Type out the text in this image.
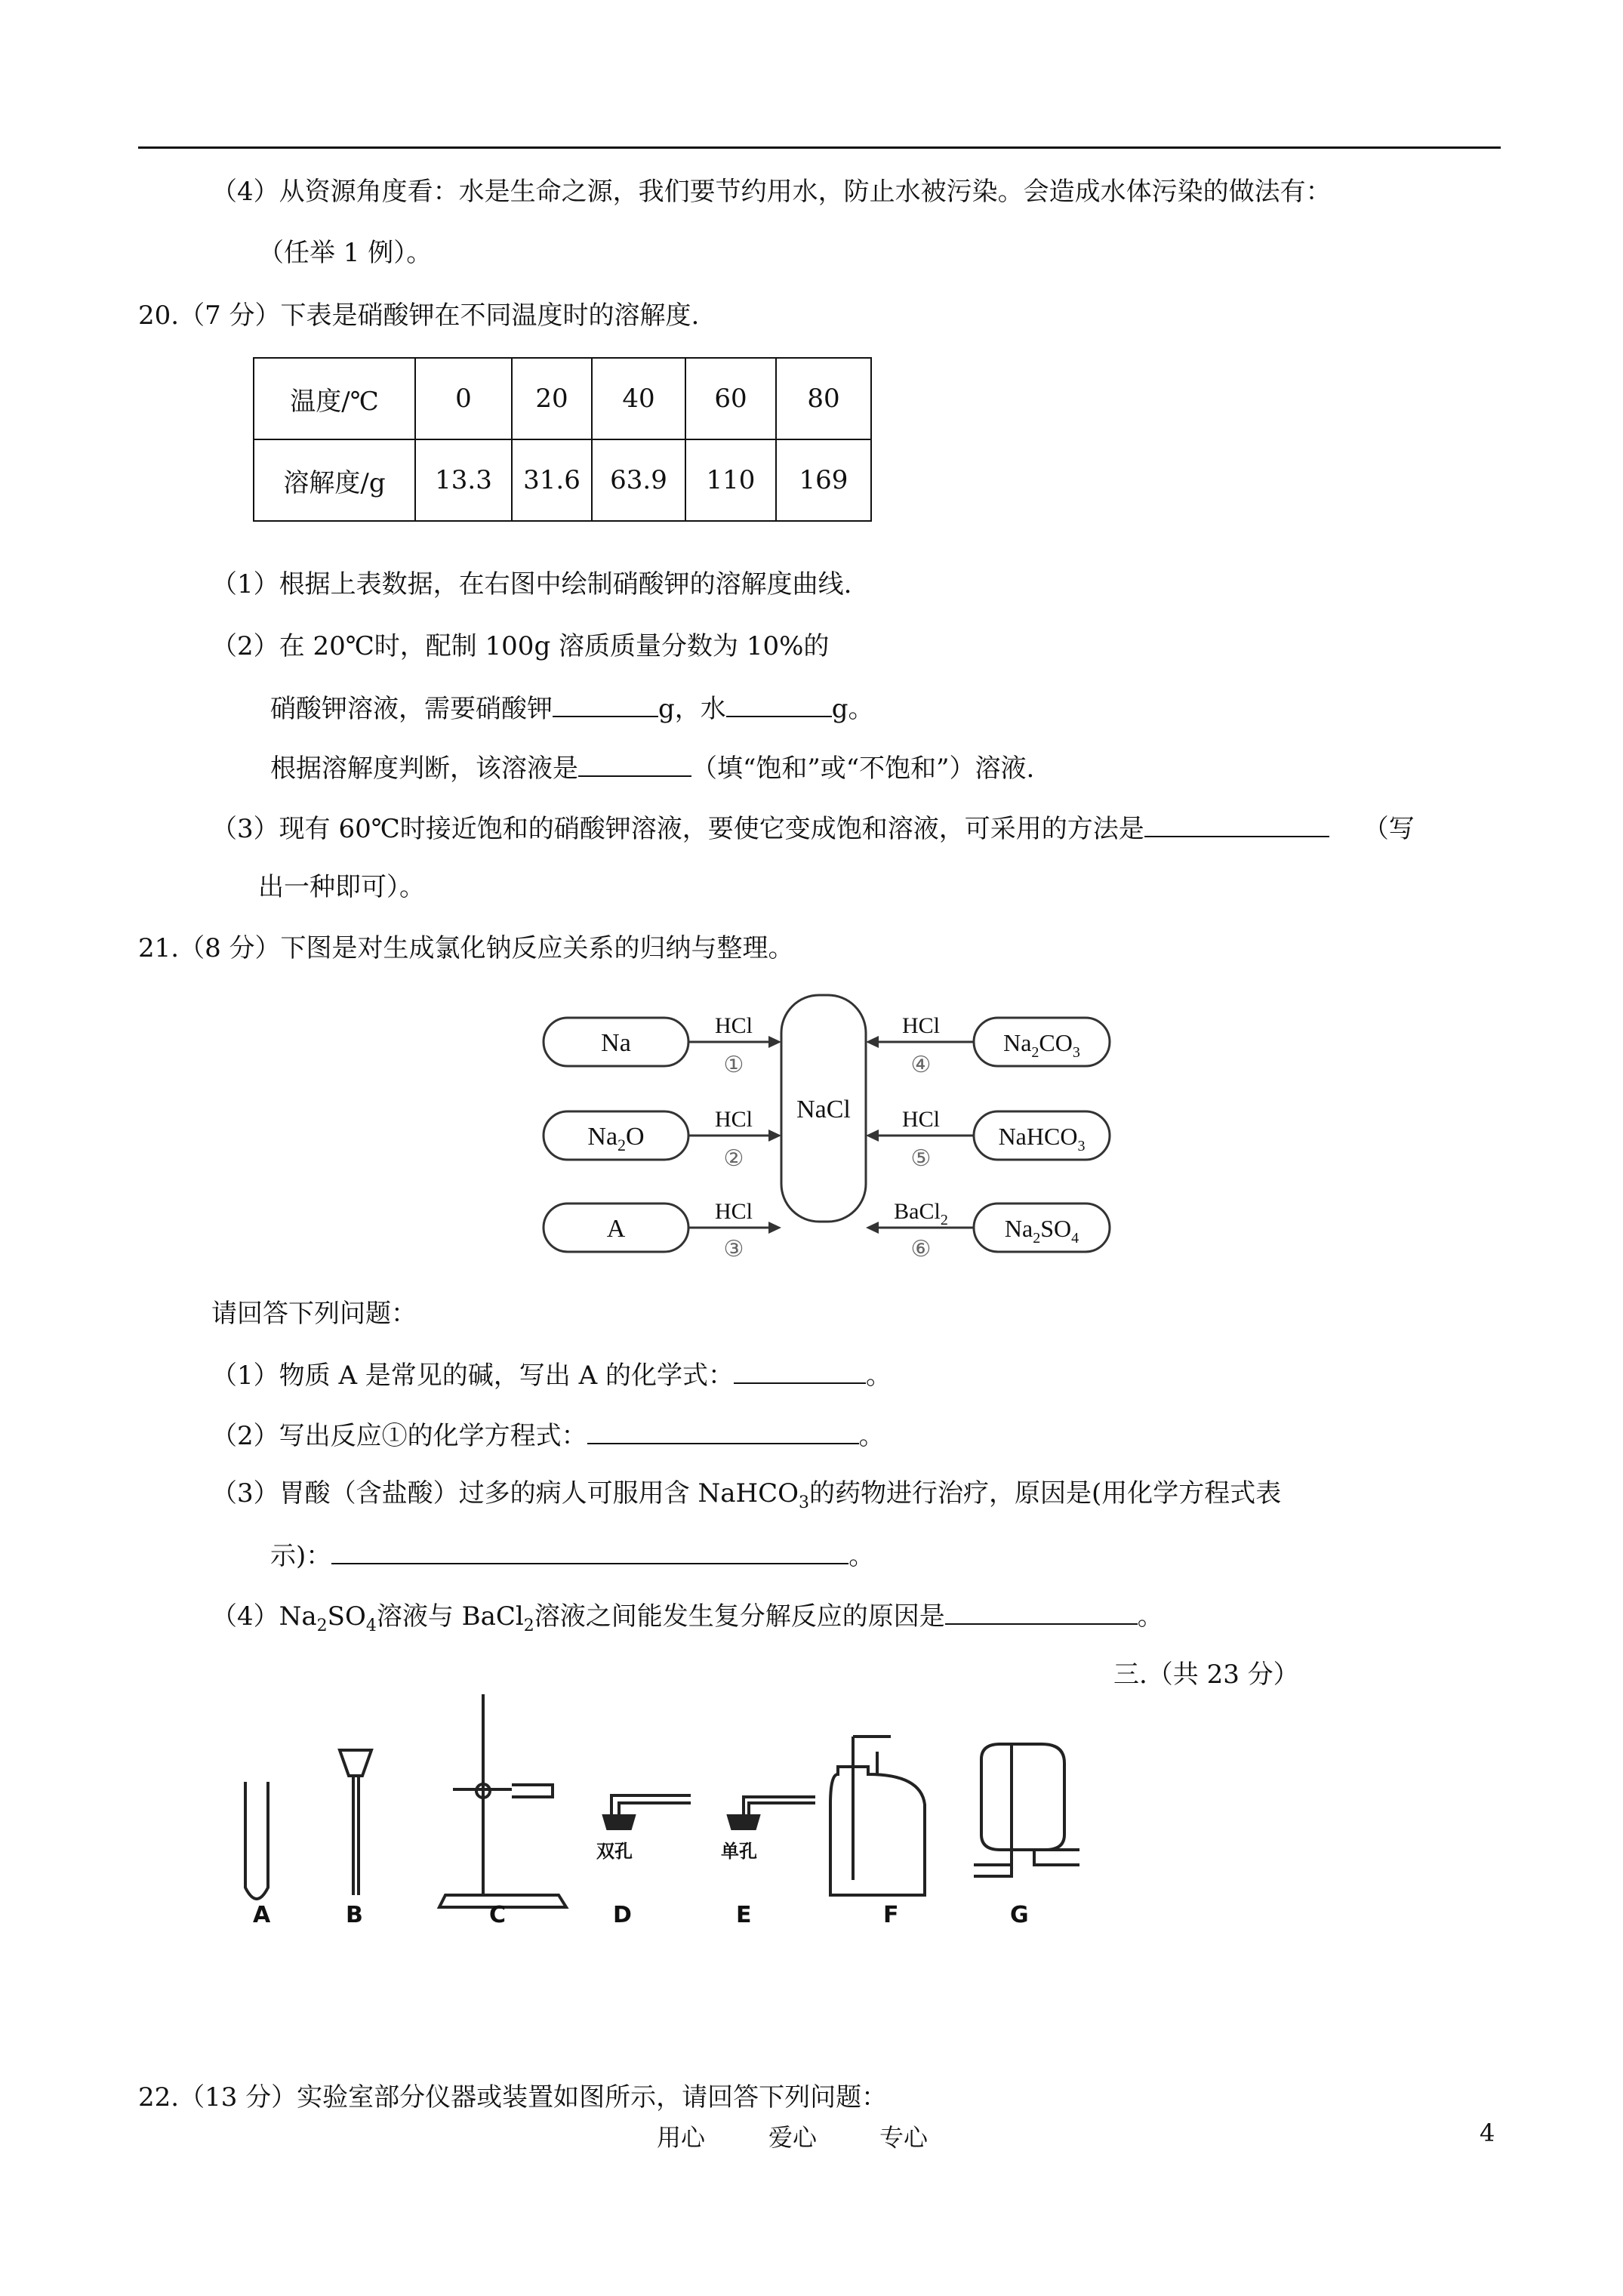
（4）从资源角度看：水是生命之源，我们要节约用水，防止水被污染。会造成水体污染的做法有：
（任举 1 例）。
20.（7 分）下表是硝酸钾在不同温度时的溶解度.
温度/℃	0	20	40	60	80
溶解度/g	13.3	31.6	63.9	110	169
（1）根据上表数据，在右图中绘制硝酸钾的溶解度曲线.
（2）在 20℃时，配制 100g 溶质质量分数为 10%的
硝酸钾溶液，需要硝酸钾	g，水	g。
根据溶解度判断，该溶液是	（填“饱和”或“不饱和”）溶液.
（3）现有 60℃时接近饱和的硝酸钾溶液，要使它变成饱和溶液，可采用的方法是	（写
出一种即可）。
21.（8 分）下图是对生成氯化钠反应关系的归纳与整理。
NaCl
Na
$Na_2O$
A
HCl
①
HCl
②
HCl
③
$Na_2CO_3$
NaHCO$_3$
$Na_2SO_4$
HCl
④
HCl
⑤
BaCl$_2$
⑥
请回答下列问题：
（1）物质 A 是常见的碱，写出 A 的化学式：	。
（2）写出反应①的化学方程式：	。
（3）胃酸（含盐酸）过多的病人可服用含 NaHCO$_3$的药物进行治疗，原因是(用化学方程式表
示)：	。
$(4)Na_2SO_4$溶液与 BaCl$_2$溶液之间能发生复分解反应的原因是	。
三.（共 23 分）
A	B	C	D	E	F	G
双孔	单孔
22.（13 分）实验室部分仪器或装置如图所示，请回答下列问题：
用心	爱心	专心	4
